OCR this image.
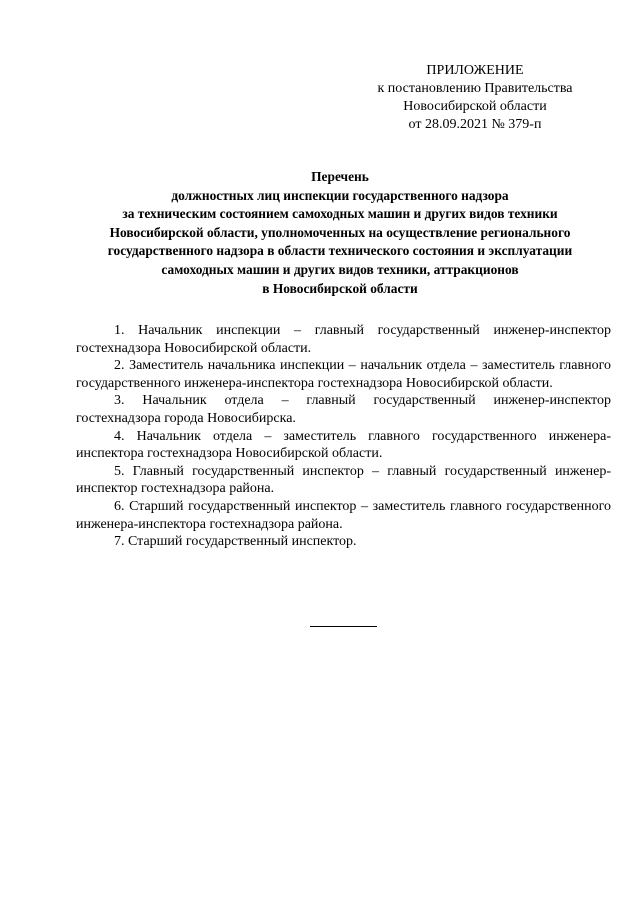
ПРИЛОЖЕНИЕ
к постановлению Правительства
Новосибирской области
от 28.09.2021 № 379-п
Перечень
должностных лиц инспекции государственного надзора
за техническим состоянием самоходных машин и других видов техники
Новосибирской области, уполномоченных на осуществление регионального
государственного надзора в области технического состояния и эксплуатации
самоходных машин и других видов техники, аттракционов
в Новосибирской области

1. Начальник инспекции – главный государственный инженер-инспектор гостехнадзора Новосибирской области.

2. Заместитель начальника инспекции – начальник отдела – заместитель главного государственного инженера-инспектора гостехнадзора Новосибирской области.

3. Начальник отдела – главный государственный инженер-инспектор гостехнадзора города Новосибирска.

4. Начальник отдела – заместитель главного государственного инженера-инспектора гостехнадзора Новосибирской области.

5. Главный государственный инспектор – главный государственный инженер-инспектор гостехнадзора района.

6. Старший государственный инспектор – заместитель главного государственного инженера-инспектора гостехнадзора района.

7. Старший государственный инспектор.
